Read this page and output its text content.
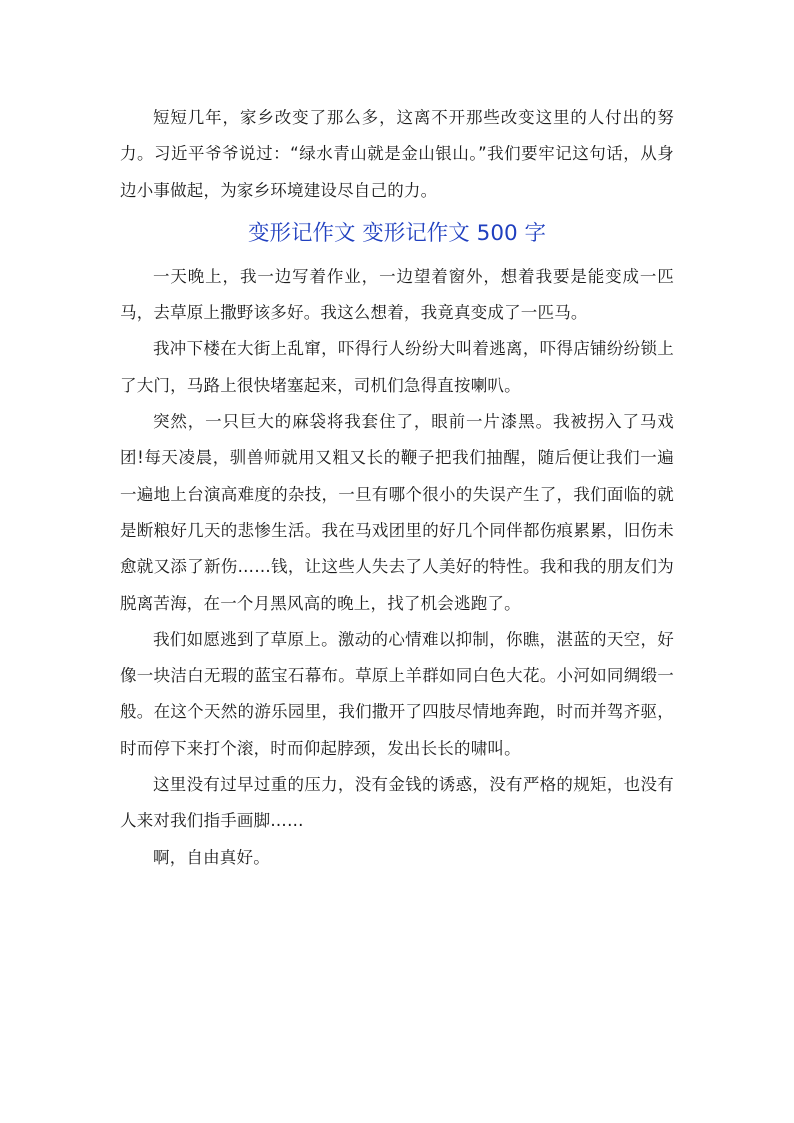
短短几年，家乡改变了那么多，这离不开那些改变这里的人付出的努力。习近平爷爷说过：“绿水青山就是金山银山。”我们要牢记这句话，从身边小事做起，为家乡环境建设尽自己的力。

变形记作文 变形记作文 500 字

一天晚上，我一边写着作业，一边望着窗外，想着我要是能变成一匹马，去草原上撒野该多好。我这么想着，我竟真变成了一匹马。

我冲下楼在大街上乱窜，吓得行人纷纷大叫着逃离，吓得店铺纷纷锁上了大门，马路上很快堵塞起来，司机们急得直按喇叭。

突然，一只巨大的麻袋将我套住了，眼前一片漆黑。我被拐入了马戏团!每天凌晨，驯兽师就用又粗又长的鞭子把我们抽醒，随后便让我们一遍一遍地上台演高难度的杂技，一旦有哪个很小的失误产生了，我们面临的就是断粮好几天的悲惨生活。我在马戏团里的好几个同伴都伤痕累累，旧伤未愈就又添了新伤……钱，让这些人失去了人美好的特性。我和我的朋友们为脱离苦海，在一个月黑风高的晚上，找了机会逃跑了。

我们如愿逃到了草原上。激动的心情难以抑制，你瞧，湛蓝的天空，好像一块洁白无瑕的蓝宝石幕布。草原上羊群如同白色大花。小河如同绸缎一般。在这个天然的游乐园里，我们撒开了四肢尽情地奔跑，时而并驾齐驱，时而停下来打个滚，时而仰起脖颈，发出长长的啸叫。

这里没有过早过重的压力，没有金钱的诱惑，没有严格的规矩，也没有人来对我们指手画脚……

啊，自由真好。
